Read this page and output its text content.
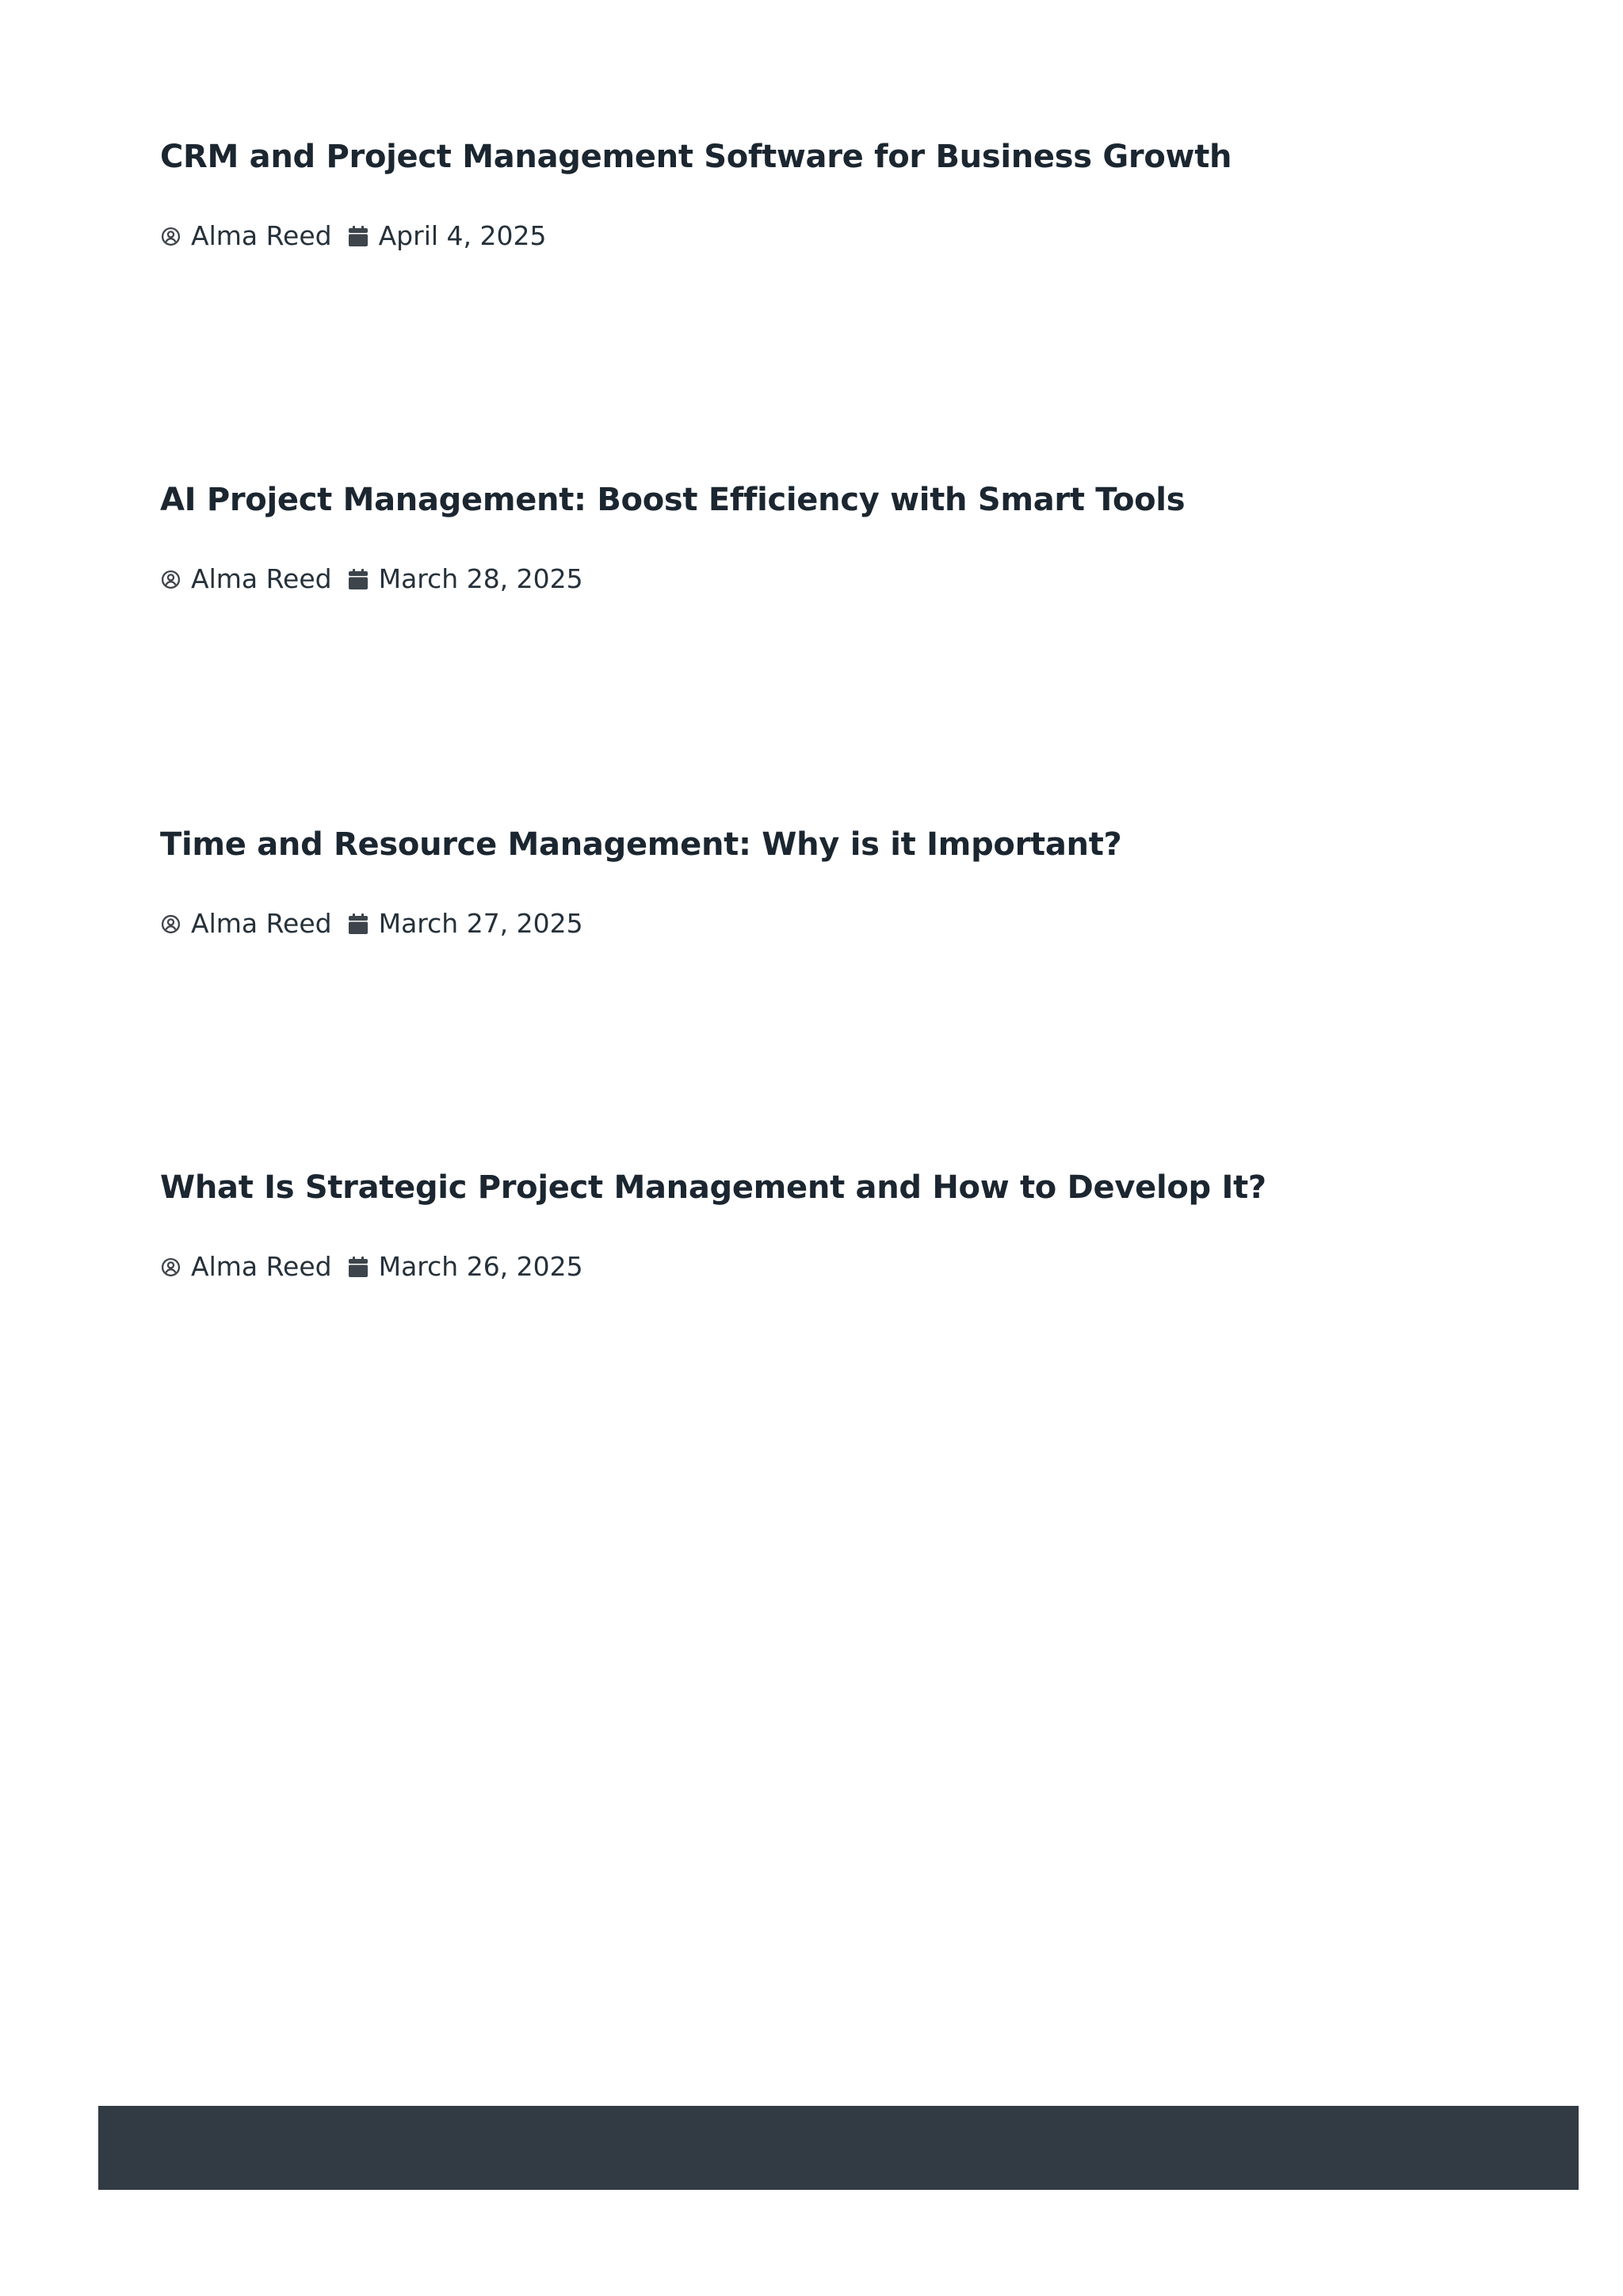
CRM and Project Management Software for Business Growth
Alma Reed April 4, 2025
AI Project Management: Boost Efficiency with Smart Tools
Alma Reed March 28, 2025
Time and Resource Management: Why is it Important?
Alma Reed March 27, 2025
What Is Strategic Project Management and How to Develop It?
Alma Reed March 26, 2025
